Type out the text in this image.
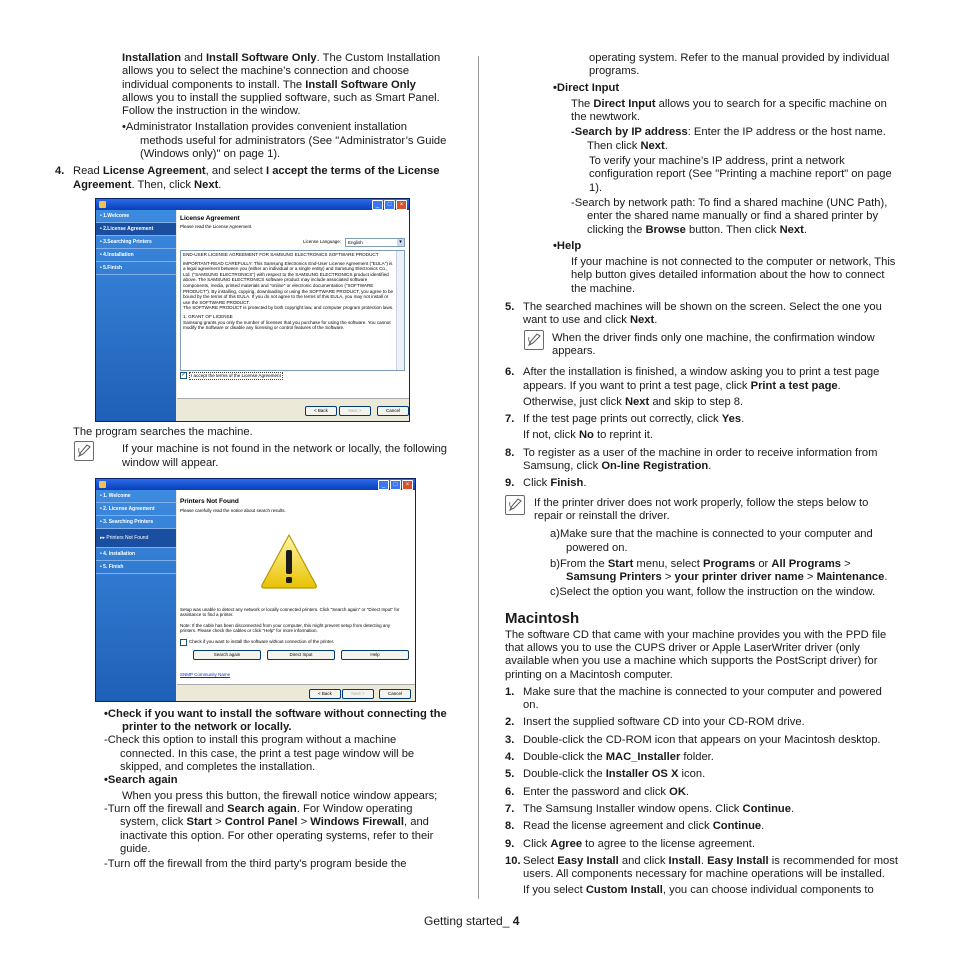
Installation and Install Software Only. The Custom Installation allows you to select the machine’s connection and choose individual components to install. The Install Software Only allows you to install the supplied software, such as Smart Panel. Follow the instruction in the window.

•Administrator Installation provides convenient installation methods useful for administrators (See "Administrator’s Guide (Windows only)" on page 1).

4. Read License Agreement, and select I accept the terms of the License Agreement. Then, click Next.

_	□	×
• 1.Welcome
• 2.License Agreement
• 3.Searching Printers
• 4.Installation
• 5.Finish
License Agreement
Please read the License Agreement.
License Language:	English	▾

END-USER LICENSE AGREEMENT FOR SAMSUNG ELECTRONICS SOFTWARE PRODUCT

IMPORTANT-READ CAREFULLY: This Samsung Electronics End-User License Agreement ("EULA") is a legal agreement between you (either an individual or a single entity) and Samsung Electronics Co., Ltd. ("SAMSUNG ELECTRONICS") with respect to the SAMSUNG ELECTRONICS product identified above. The SAMSUNG ELECTRONICS software product may include associated software components, media, printed materials and "online" or electronic documentation ("SOFTWARE PRODUCT"). By installing, copying, downloading or using the SOFTWARE PRODUCT, you agree to be bound by the terms of this EULA. If you do not agree to the terms of this EULA, you may not install or use the SOFTWARE PRODUCT.

The SOFTWARE PRODUCT is protected by both copyright law, and computer program protection laws.

1. GRANT OF LICENSE

Samsung grants you only the number of licenses that you purchase for using the software. You cannot modify the Software or disable any licensing or control features of the Software.

✓	I accept the terms of the License Agreement
< Back	Next >	Cancel

The program searches the machine.

If your machine is not found in the network or locally, the following window will appear.

_	□	×
• 1. Welcome
• 2. License Agreement
• 3. Searching Printers
▸▸ Printers Not Found
• 4. Installation
• 5. Finish
Printers Not Found
Please carefully read the notice about search results.
Setup was unable to detect any network or locally connected printers. Click "Search again" or "Direct Input" for assistance to find a printer.
Note: If the cable has been disconnected from your computer, this might prevent setup from detecting any printers. Please check the cables or click "Help" for more information.
Check if you want to install the software without connection of the printer.
Search again	Direct Input	Help
SNMP Community Name
< Back	Next >	Cancel

•Check if you want to install the software without connecting the printer to the network or locally.

-Check this option to install this program without a machine connected. In this case, the print a test page window will be skipped, and completes the installation.

•Search again

When you press this button, the firewall notice window appears;

-Turn off the firewall and Search again. For Window operating system, click Start > Control Panel > Windows Firewall, and inactivate this option. For other operating systems, refer to their guide.

-Turn off the firewall from the third party's program beside the

operating system. Refer to the manual provided by individual programs.

•Direct Input

The Direct Input allows you to search for a specific machine on the newtwork.

-Search by IP address: Enter the IP address or the host name. Then click Next.

To verify your machine’s IP address, print a network configuration report (See "Printing a machine report" on page 1).

-Search by network path: To find a shared machine (UNC Path), enter the shared name manually or find a shared printer by clicking the Browse button. Then click Next.

•Help

If your machine is not connected to the computer or network, This help button gives detailed information about the how to connect the machine.

5. The searched machines will be shown on the screen. Select the one you want to use and click Next.

When the driver finds only one machine, the confirmation window appears.

6. After the installation is finished, a window asking you to print a test page appears. If you want to print a test page, click Print a test page.

Otherwise, just click Next and skip to step 8.

7. If the test page prints out correctly, click Yes.

If not, click No to reprint it.

8. To register as a user of the machine in order to receive information from Samsung, click On-line Registration.

9. Click Finish.

If the printer driver does not work properly, follow the steps below to repair or reinstall the driver.

a)Make sure that the machine is connected to your computer and powered on.

b)From the Start menu, select Programs or All Programs > Samsung Printers > your printer driver name > Maintenance.

c)Select the option you want, follow the instruction on the window.

Macintosh

The software CD that came with your machine provides you with the PPD file that allows you to use the CUPS driver or Apple LaserWriter driver (only available when you use a machine which supports the PostScript driver) for printing on a Macintosh computer.

1. Make sure that the machine is connected to your computer and powered on.

2. Insert the supplied software CD into your CD-ROM drive.

3. Double-click the CD-ROM icon that appears on your Macintosh desktop.

4. Double-click the MAC_Installer folder.

5. Double-click the Installer OS X icon.

6. Enter the password and click OK.

7. The Samsung Installer window opens. Click Continue.

8. Read the license agreement and click Continue.

9. Click Agree to agree to the license agreement.

10. Select Easy Install and click Install. Easy Install is recommended for most users. All components necessary for machine operations will be installed.

If you select Custom Install, you can choose individual components to

Getting started_ 4
